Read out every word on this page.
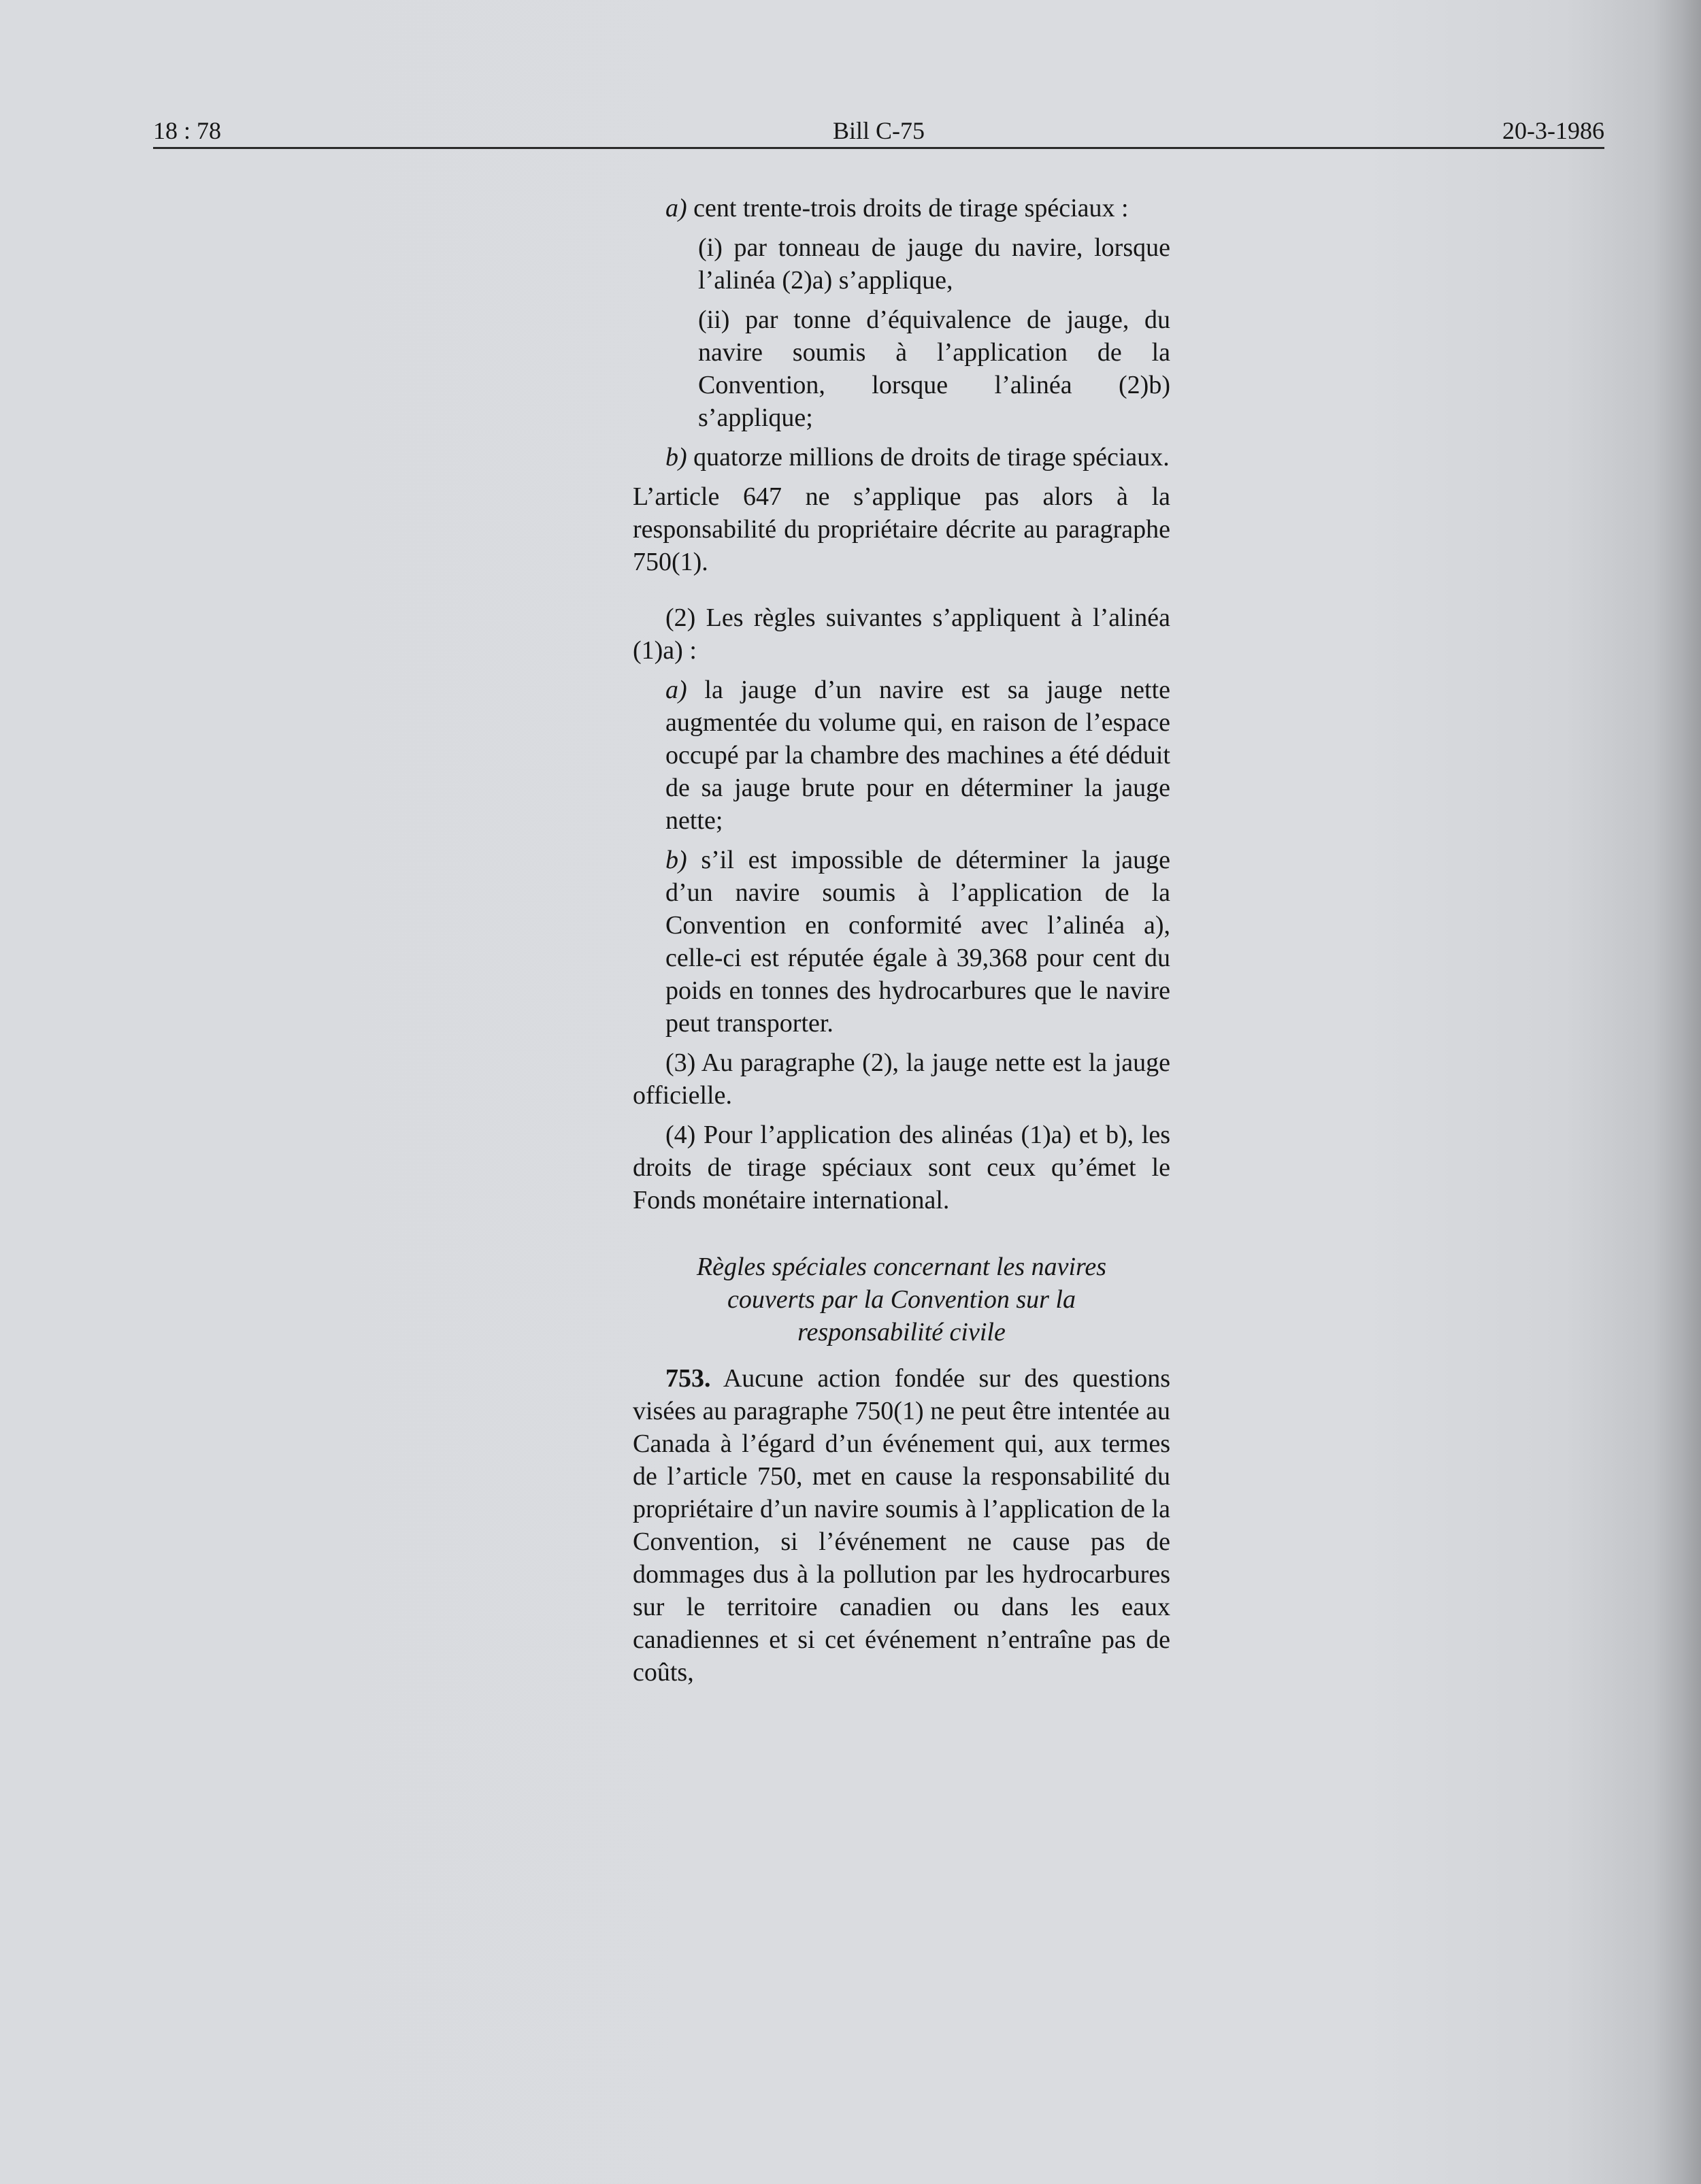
18 : 78	Bill C-75	20-3-1986

a) cent trente-trois droits de tirage spéciaux :

(i) par tonneau de jauge du navire, lorsque l’alinéa (2)a) s’applique,

(ii) par tonne d’équivalence de jauge, du navire soumis à l’application de la Convention, lorsque l’alinéa (2)b) s’applique;

b) quatorze millions de droits de tirage spéciaux.

L’article 647 ne s’applique pas alors à la responsabilité du propriétaire décrite au paragraphe 750(1).

(2) Les règles suivantes s’appliquent à l’alinéa (1)a) :

a) la jauge d’un navire est sa jauge nette augmentée du volume qui, en raison de l’espace occupé par la chambre des machines a été déduit de sa jauge brute pour en déterminer la jauge nette;

b) s’il est impossible de déterminer la jauge d’un navire soumis à l’application de la Convention en conformité avec l’alinéa a), celle-ci est réputée égale à 39,368 pour cent du poids en tonnes des hydrocarbures que le navire peut transporter.

(3) Au paragraphe (2), la jauge nette est la jauge officielle.

(4) Pour l’application des alinéas (1)a) et b), les droits de tirage spéciaux sont ceux qu’émet le Fonds monétaire international.

Règles spéciales concernant les navires couverts par la Convention sur la responsabilité civile

753. Aucune action fondée sur des questions visées au paragraphe 750(1) ne peut être intentée au Canada à l’égard d’un événement qui, aux termes de l’article 750, met en cause la responsabilité du propriétaire d’un navire soumis à l’application de la Convention, si l’événement ne cause pas de dommages dus à la pollution par les hydrocarbures sur le territoire canadien ou dans les eaux canadiennes et si cet événement n’entraîne pas de coûts,
